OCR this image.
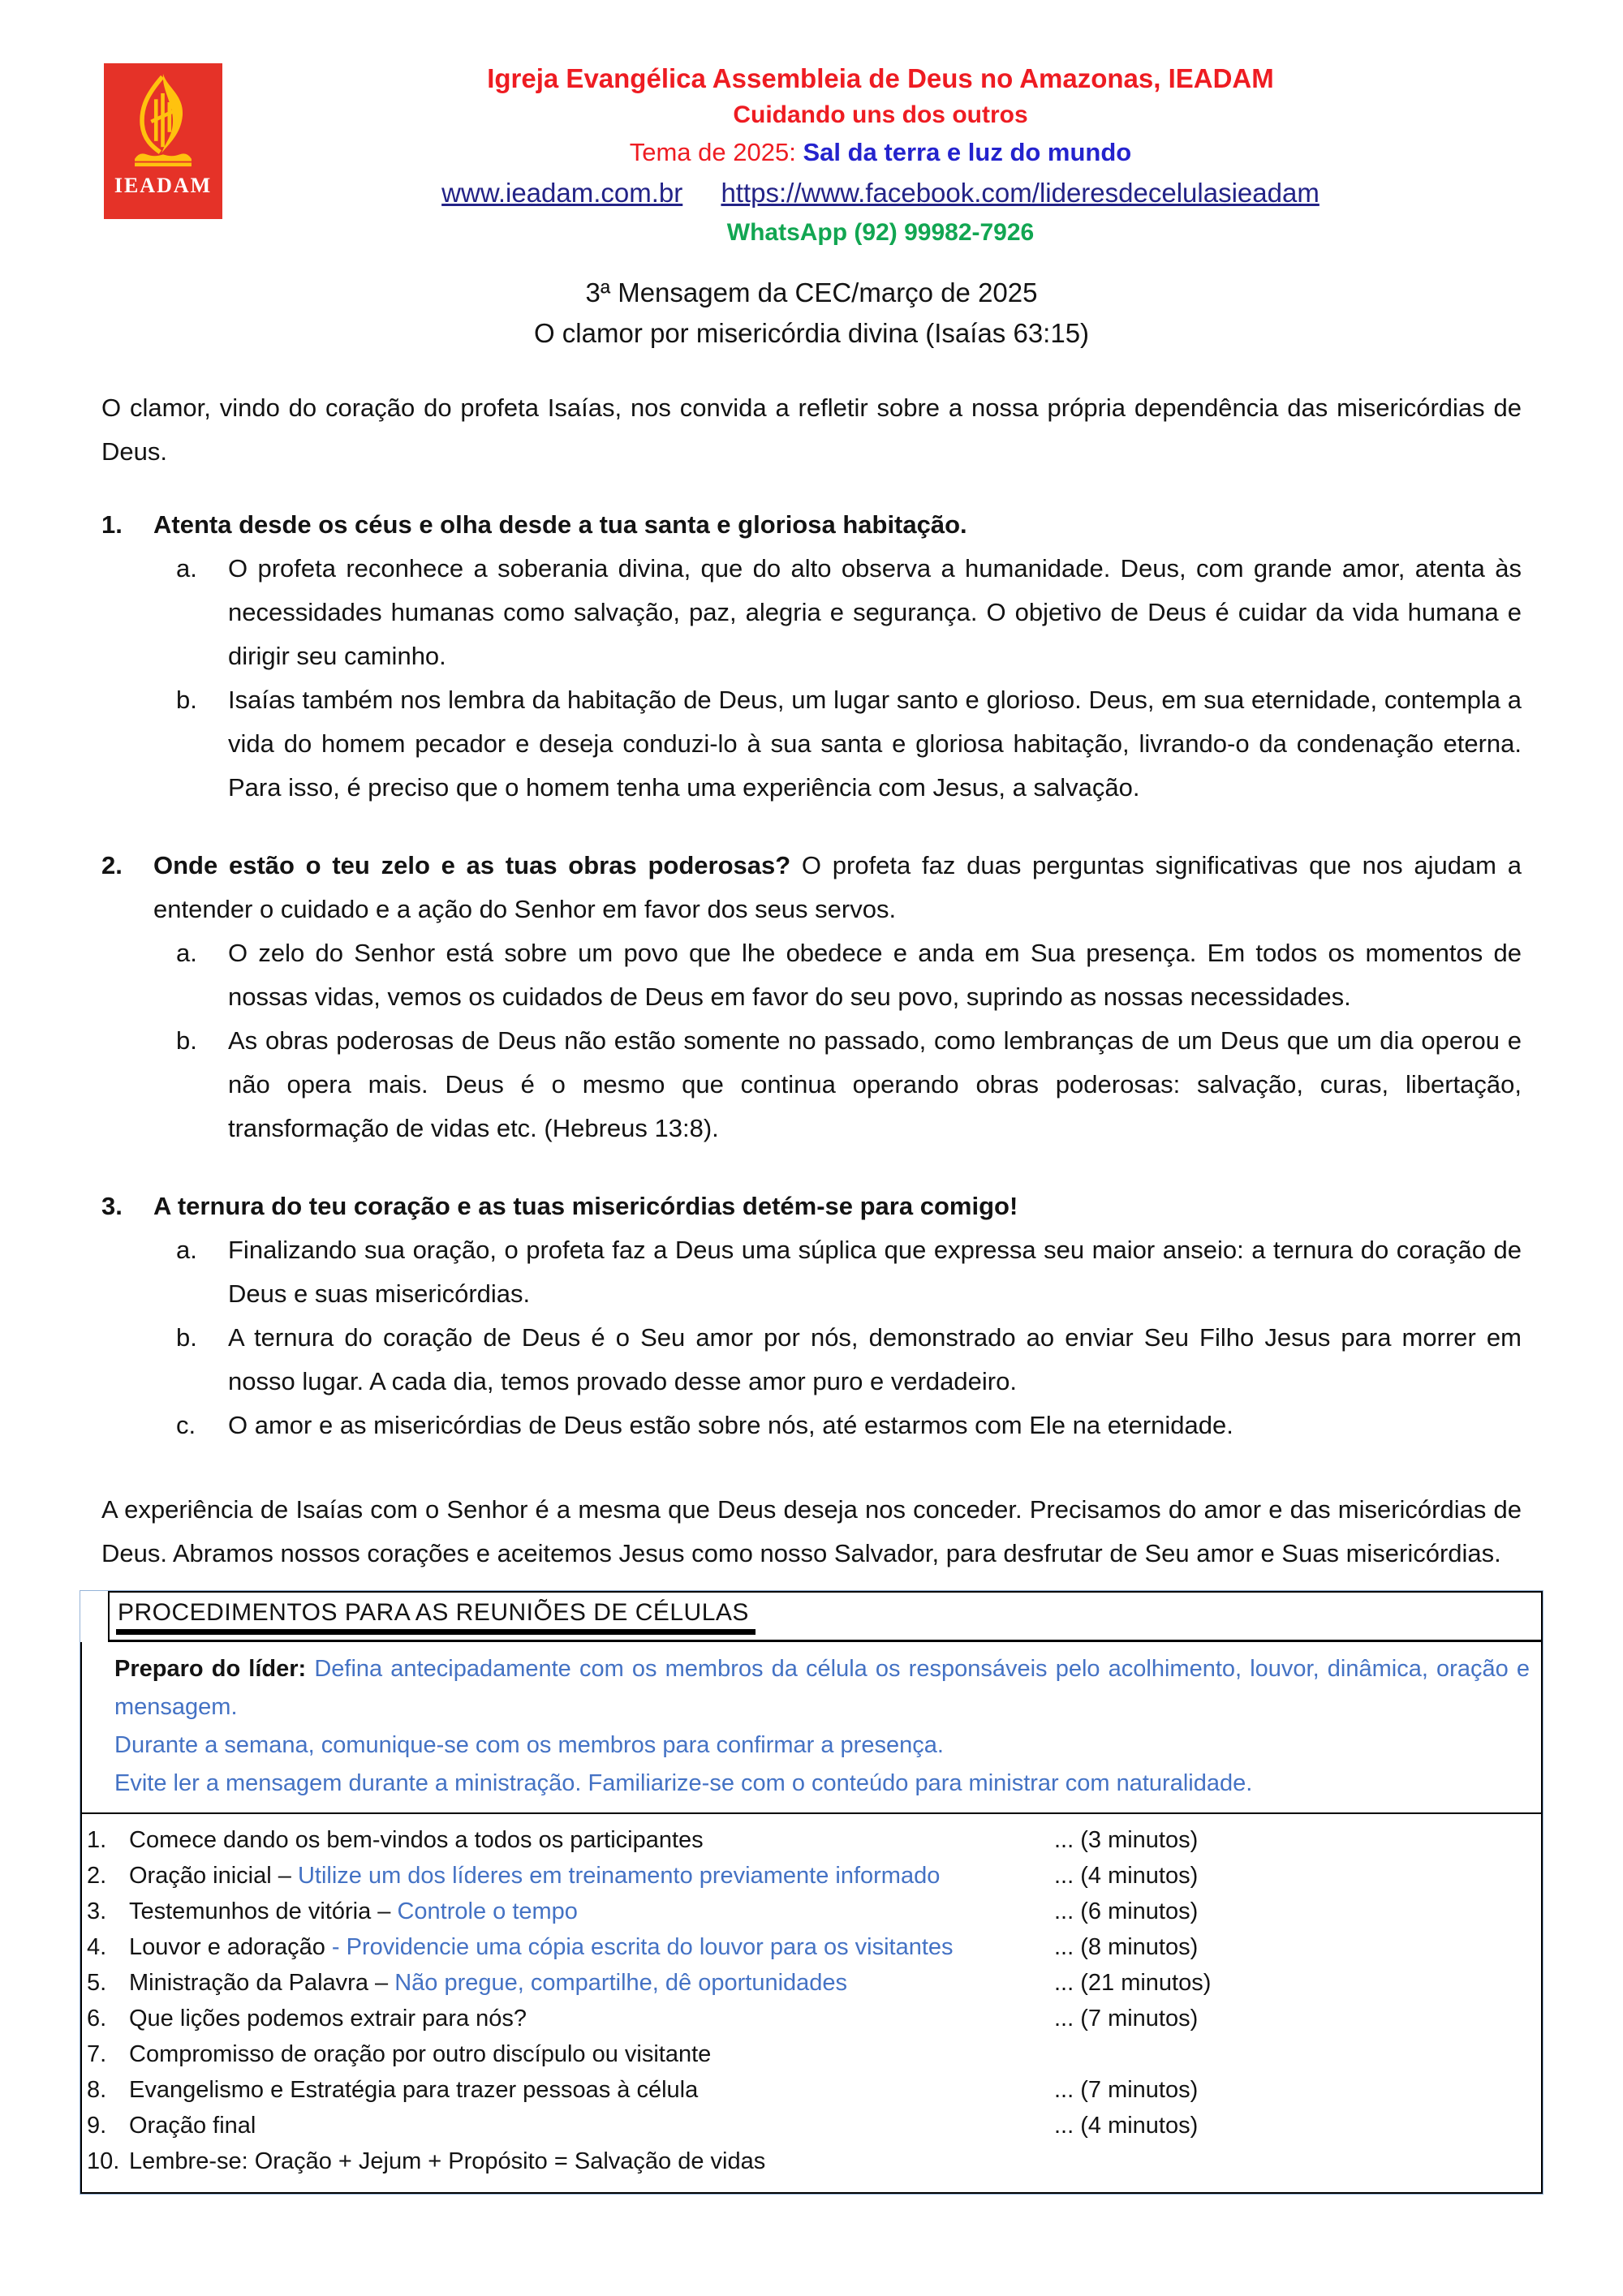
IEADAM
Igreja Evangélica Assembleia de Deus no Amazonas, IEADAM
Cuidando uns dos outros
Tema de 2025: Sal da terra e luz do mundo
www.ieadam.com.br https://www.facebook.com/lideresdecelulasieadam
WhatsApp (92) 99982-7926
3ª Mensagem da CEC/março de 2025
O clamor por misericórdia divina (Isaías 63:15)

O clamor, vindo do coração do profeta Isaías, nos convida a refletir sobre a nossa própria dependência das misericórdias de Deus.

1.	Atenta desde os céus e olha desde a tua santa e gloriosa habitação.
a.	O profeta reconhece a soberania divina, que do alto observa a humanidade. Deus, com grande amor, atenta às necessidades humanas como salvação, paz, alegria e segurança. O objetivo de Deus é cuidar da vida humana e dirigir seu caminho.
b.	Isaías também nos lembra da habitação de Deus, um lugar santo e glorioso. Deus, em sua eternidade, contempla a vida do homem pecador e deseja conduzi-lo à sua santa e gloriosa habitação, livrando-o da condenação eterna. Para isso, é preciso que o homem tenha uma experiência com Jesus, a salvação.
2.	Onde estão o teu zelo e as tuas obras poderosas? O profeta faz duas perguntas significativas que nos ajudam a entender o cuidado e a ação do Senhor em favor dos seus servos.
a.	O zelo do Senhor está sobre um povo que lhe obedece e anda em Sua presença. Em todos os momentos de nossas vidas, vemos os cuidados de Deus em favor do seu povo, suprindo as nossas necessidades.
b.	As obras poderosas de Deus não estão somente no passado, como lembranças de um Deus que um dia operou e não opera mais. Deus é o mesmo que continua operando obras poderosas: salvação, curas, libertação, transformação de vidas etc. (Hebreus 13:8).
3.	A ternura do teu coração e as tuas misericórdias detém-se para comigo!
a.	Finalizando sua oração, o profeta faz a Deus uma súplica que expressa seu maior anseio: a ternura do coração de Deus e suas misericórdias.
b.	A ternura do coração de Deus é o Seu amor por nós, demonstrado ao enviar Seu Filho Jesus para morrer em nosso lugar. A cada dia, temos provado desse amor puro e verdadeiro.
c.	O amor e as misericórdias de Deus estão sobre nós, até estarmos com Ele na eternidade.

A experiência de Isaías com o Senhor é a mesma que Deus deseja nos conceder. Precisamos do amor e das misericórdias de Deus. Abramos nossos corações e aceitemos Jesus como nosso Salvador, para desfrutar de Seu amor e Suas misericórdias.

PROCEDIMENTOS PARA AS REUNIÕES DE CÉLULAS

Preparo do líder: Defina antecipadamente com os membros da célula os responsáveis pelo acolhimento, louvor, dinâmica, oração e mensagem.

Durante a semana, comunique-se com os membros para confirmar a presença.

Evite ler a mensagem durante a ministração. Familiarize-se com o conteúdo para ministrar com naturalidade.

1. Comece dando os bem-vindos a todos os participantes	... (3 minutos)
2. Oração inicial – Utilize um dos líderes em treinamento previamente informado	... (4 minutos)
3. Testemunhos de vitória – Controle o tempo	... (6 minutos)
4. Louvor e adoração - Providencie uma cópia escrita do louvor para os visitantes	... (8 minutos)
5. Ministração da Palavra – Não pregue, compartilhe, dê oportunidades	... (21 minutos)
6. Que lições podemos extrair para nós?	... (7 minutos)
7. Compromisso de oração por outro discípulo ou visitante
8. Evangelismo e Estratégia para trazer pessoas à célula	... (7 minutos)
9. Oração final	... (4 minutos)
10. Lembre-se: Oração + Jejum + Propósito = Salvação de vidas
